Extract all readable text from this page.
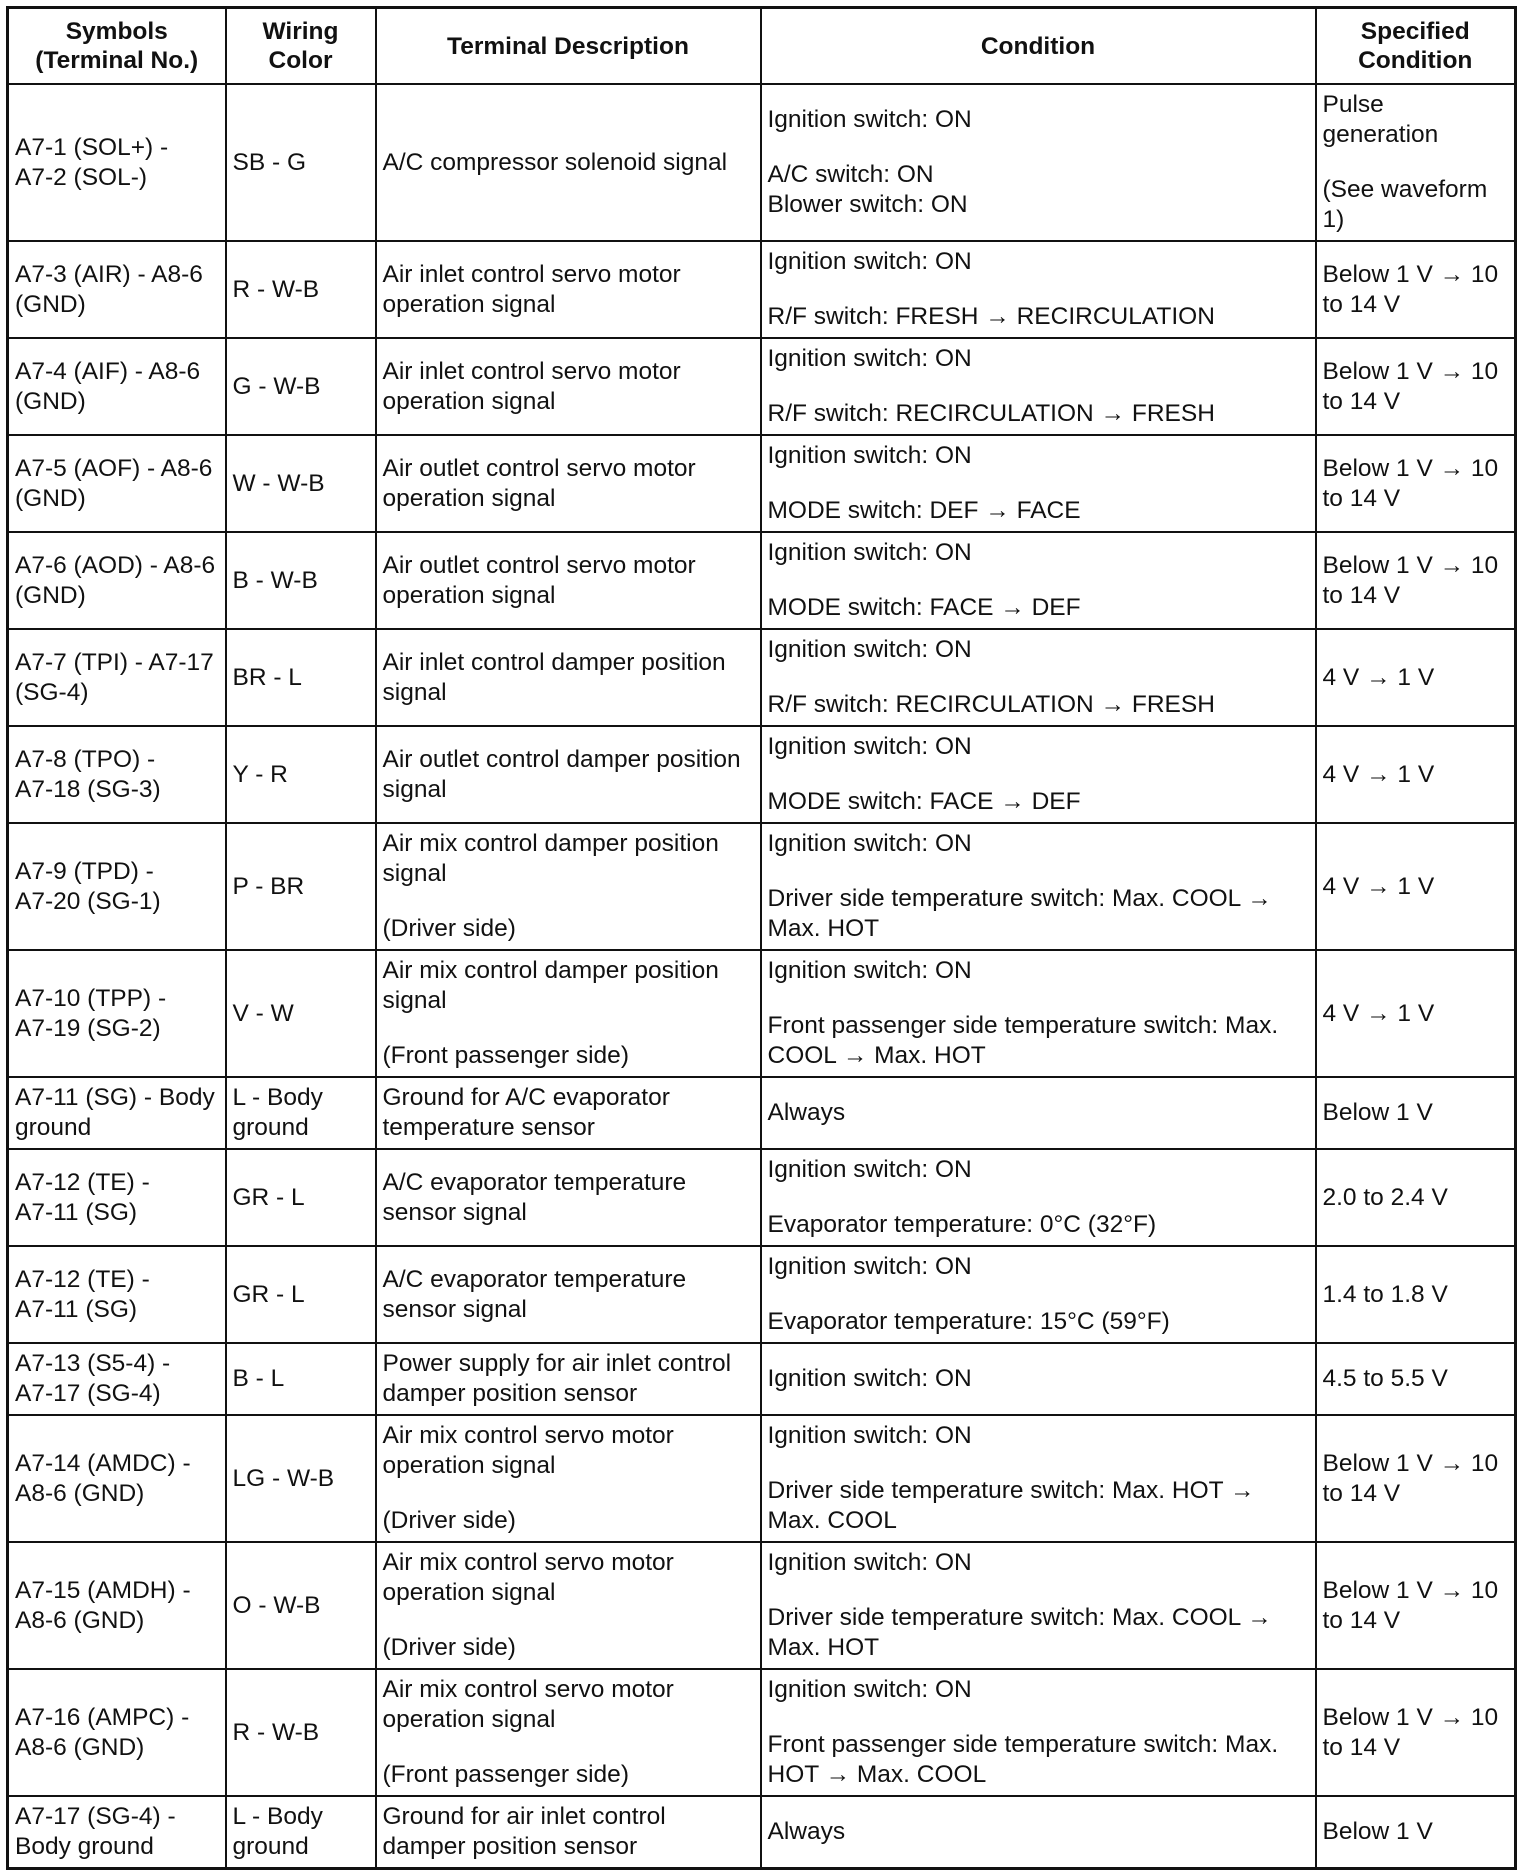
Symbols
(Terminal No.)	Wiring
Color	Terminal Description	Condition	Specified
Condition

A7-1 (SOL+) -
A7-2 (SOL-)	SB - G	A/C compressor solenoid signal	Ignition switch: ON
A/C switch: ON
Blower switch: ON	Pulse
generation
(See waveform
1)

A7-3 (AIR) - A8-6
(GND)	R - W-B	Air inlet control servo motor
operation signal	Ignition switch: ON
R/F switch: FRESH → RECIRCULATION	Below 1 V → 10
to 14 V

A7-4 (AIF) - A8-6
(GND)	G - W-B	Air inlet control servo motor
operation signal	Ignition switch: ON
R/F switch: RECIRCULATION → FRESH	Below 1 V → 10
to 14 V

A7-5 (AOF) - A8-6
(GND)	W - W-B	Air outlet control servo motor
operation signal	Ignition switch: ON
MODE switch: DEF → FACE	Below 1 V → 10
to 14 V

A7-6 (AOD) - A8-6
(GND)	B - W-B	Air outlet control servo motor
operation signal	Ignition switch: ON
MODE switch: FACE → DEF	Below 1 V → 10
to 14 V

A7-7 (TPI) - A7-17
(SG-4)	BR - L	Air inlet control damper position
signal	Ignition switch: ON
R/F switch: RECIRCULATION → FRESH	4 V → 1 V

A7-8 (TPO) -
A7-18 (SG-3)	Y - R	Air outlet control damper position
signal	Ignition switch: ON
MODE switch: FACE → DEF	4 V → 1 V

A7-9 (TPD) -
A7-20 (SG-1)	P - BR	Air mix control damper position
signal
(Driver side)	Ignition switch: ON
Driver side temperature switch: Max. COOL →
Max. HOT	4 V → 1 V

A7-10 (TPP) -
A7-19 (SG-2)	V - W	Air mix control damper position
signal
(Front passenger side)	Ignition switch: ON
Front passenger side temperature switch: Max.
COOL → Max. HOT	4 V → 1 V

A7-11 (SG) - Body
ground	L - Body
ground	Ground for A/C evaporator
temperature sensor	Always	Below 1 V

A7-12 (TE) -
A7-11 (SG)	GR - L	A/C evaporator temperature
sensor signal	Ignition switch: ON
Evaporator temperature: 0°C (32°F)	2.0 to 2.4 V

A7-12 (TE) -
A7-11 (SG)	GR - L	A/C evaporator temperature
sensor signal	Ignition switch: ON
Evaporator temperature: 15°C (59°F)	1.4 to 1.8 V

A7-13 (S5-4) -
A7-17 (SG-4)	B - L	Power supply for air inlet control
damper position sensor	Ignition switch: ON	4.5 to 5.5 V

A7-14 (AMDC) -
A8-6 (GND)	LG - W-B	Air mix control servo motor
operation signal
(Driver side)	Ignition switch: ON
Driver side temperature switch: Max. HOT →
Max. COOL	Below 1 V → 10
to 14 V

A7-15 (AMDH) -
A8-6 (GND)	O - W-B	Air mix control servo motor
operation signal
(Driver side)	Ignition switch: ON
Driver side temperature switch: Max. COOL →
Max. HOT	Below 1 V → 10
to 14 V

A7-16 (AMPC) -
A8-6 (GND)	R - W-B	Air mix control servo motor
operation signal
(Front passenger side)	Ignition switch: ON
Front passenger side temperature switch: Max.
HOT → Max. COOL	Below 1 V → 10
to 14 V

A7-17 (SG-4) -
Body ground	L - Body
ground	Ground for air inlet control
damper position sensor	Always	Below 1 V
